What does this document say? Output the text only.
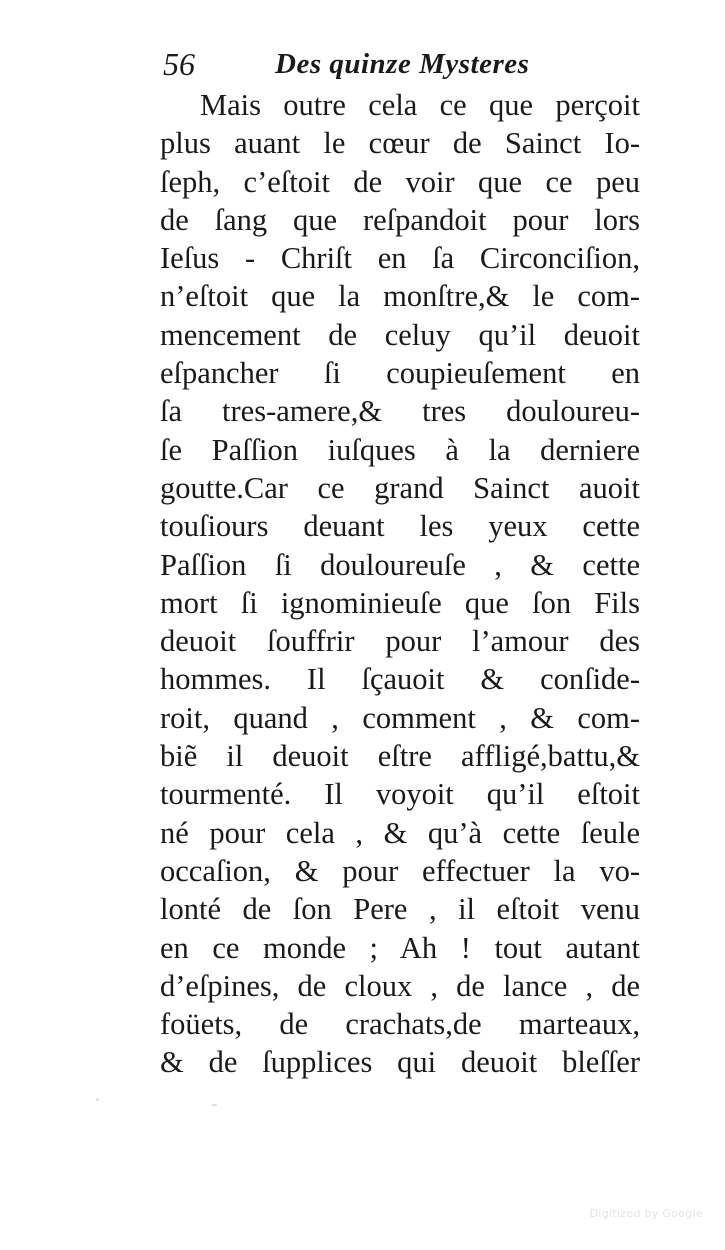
56	Des quinze Mysteres
Mais outre cela ce que perçoit
plus auant le cœur de Sainct Io-
ſeph, c’eſtoit de voir que ce peu
de ſang que reſpandoit pour lors
Ieſus - Chriſt en ſa Circonciſion,
n’eſtoit que la monſtre,& le com-
mencement de celuy qu’il deuoit
eſpancher ſi coupieuſement en
ſa tres-amere,& tres douloureu-
ſe Paſſion iuſques à la derniere
goutte.Car ce grand Sainct auoit
touſiours deuant les yeux cette
Paſſion ſi douloureuſe , & cette
mort ſi ignominieuſe que ſon Fils
deuoit ſouffrir pour l’amour des
hommes. Il ſçauoit & conſide-
roit, quand , comment , & com-
biẽ il deuoit eſtre affligé,battu,&
tourmenté. Il voyoit qu’il eſtoit
né pour cela , & qu’à cette ſeule
occaſion, & pour effectuer la vo-
lonté de ſon Pere , il eſtoit venu
en ce monde ; Ah ! tout autant
d’eſpines, de cloux , de lance , de
foüets, de crachats,de marteaux,
& de ſupplices qui deuoit bleſſer
Digitized by Google
